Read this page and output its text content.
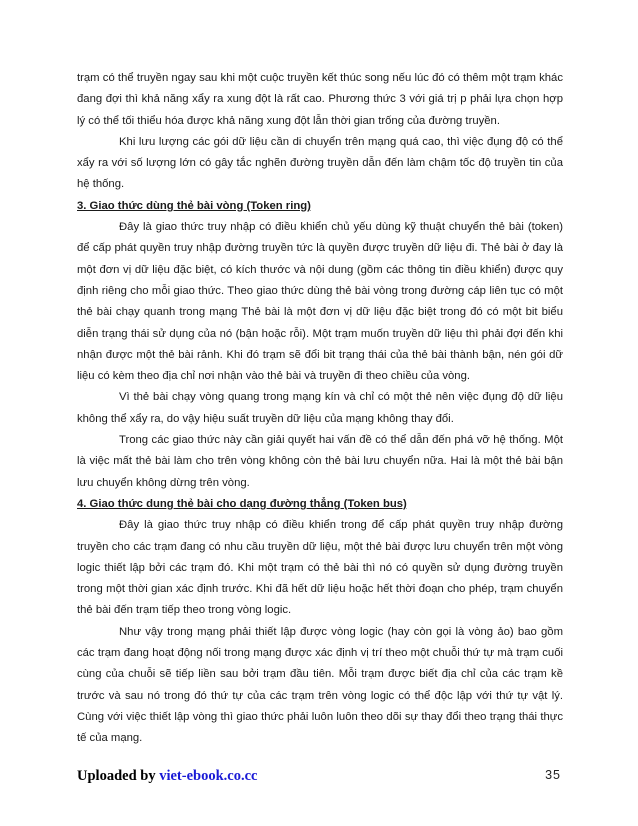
trạm có thể truyền ngay sau khi một cuộc truyền kết thúc song nếu lúc đó có thêm một trạm khác đang đợi thì khả năng xẩy ra xung đột là rất cao. Phương thức 3 với giá trị p phải lựa chọn hợp lý có thể tối thiểu hóa được khả năng xung đột lẫn thời gian trống của đường truyền.

Khi lưu lượng các gói dữ liệu cần di chuyển trên mạng quá cao, thì việc đụng độ có thể xẩy ra với số lượng lớn có gây tắc nghẽn đường truyền dẫn đến làm chậm tốc độ truyền tin của hệ thống.

3. Giao thức dùng thẻ bài vòng (Token ring)

Đây là giao thức truy nhập có điều khiển chủ yếu dùng kỹ thuật chuyển thẻ bài (token) để cấp phát quyền truy nhập đường truyền tức là quyền được truyền dữ liệu đi. Thẻ bài ở đay là một đơn vị dữ liệu đặc biệt, có kích thước và nội dung (gồm các thông tin điều khiển) được quy định riêng cho mỗi giao thức. Theo giao thức dùng thẻ bài vòng trong đường cáp liên tục có một thẻ bài chạy quanh trong mạng Thẻ bài là một đơn vị dữ liệu đặc biệt trong đó có một bit biểu diễn trạng thái sử dụng của nó (bận hoặc rỗi). Một trạm muốn truyền dữ liệu thì phải đợi đến khi nhận được một thẻ bài rảnh. Khi đó trạm sẽ đổi bit trạng thái của thẻ bài thành bận, nén gói dữ liệu có kèm theo địa chỉ nơi nhận vào thẻ bài và truyền đi theo chiều của vòng.

Vì thẻ bài chạy vòng quang trong mạng kín và chỉ có một thẻ nên việc đụng độ dữ liệu không thể xẩy ra, do vậy hiệu suất truyền dữ liệu của mạng không thay đổi.

Trong các giao thức này cần giải quyết hai vấn đề có thể dẫn đến phá vỡ hệ thống. Một là việc mất thẻ bài làm cho trên vòng không còn thẻ bài lưu chuyển nữa. Hai là một thẻ bài bận lưu chuyển không dừng trên vòng.

4. Giao thức dung thẻ bài cho dạng đường thẳng (Token bus)

Đây là giao thức truy nhập có điều khiển trong để cấp phát quyền truy nhập đường truyền cho các trạm đang có nhu cầu truyền dữ liệu, một thẻ bài được lưu chuyển trên một vòng logic thiết lập bởi các trạm đó. Khi một trạm có thẻ bài thì nó có quyền sử dụng đường truyền trong một thời gian xác định trước. Khi đã hết dữ liệu hoặc hết thời đoạn cho phép, trạm chuyển thẻ bài đến trạm tiếp theo trong vòng logic.

Như vậy trong mạng phải thiết lập được vòng logic (hay còn gọi là vòng ảo) bao gồm các trạm đang hoạt động nối trong mạng được xác định vị trí theo một chuỗi thứ tự mà trạm cuối cùng của chuỗi sẽ tiếp liền sau bởi trạm đầu tiên. Mỗi trạm được biết địa chỉ của các trạm kề trước và sau nó trong đó thứ tự của các trạm trên vòng logic có thể độc lập với thứ tự vật lý. Cùng với việc thiết lập vòng thì giao thức phải luôn luôn theo dõi sự thay đổi theo trạng thái thực tế của mạng.

Uploaded by viet-ebook.co.cc	35
